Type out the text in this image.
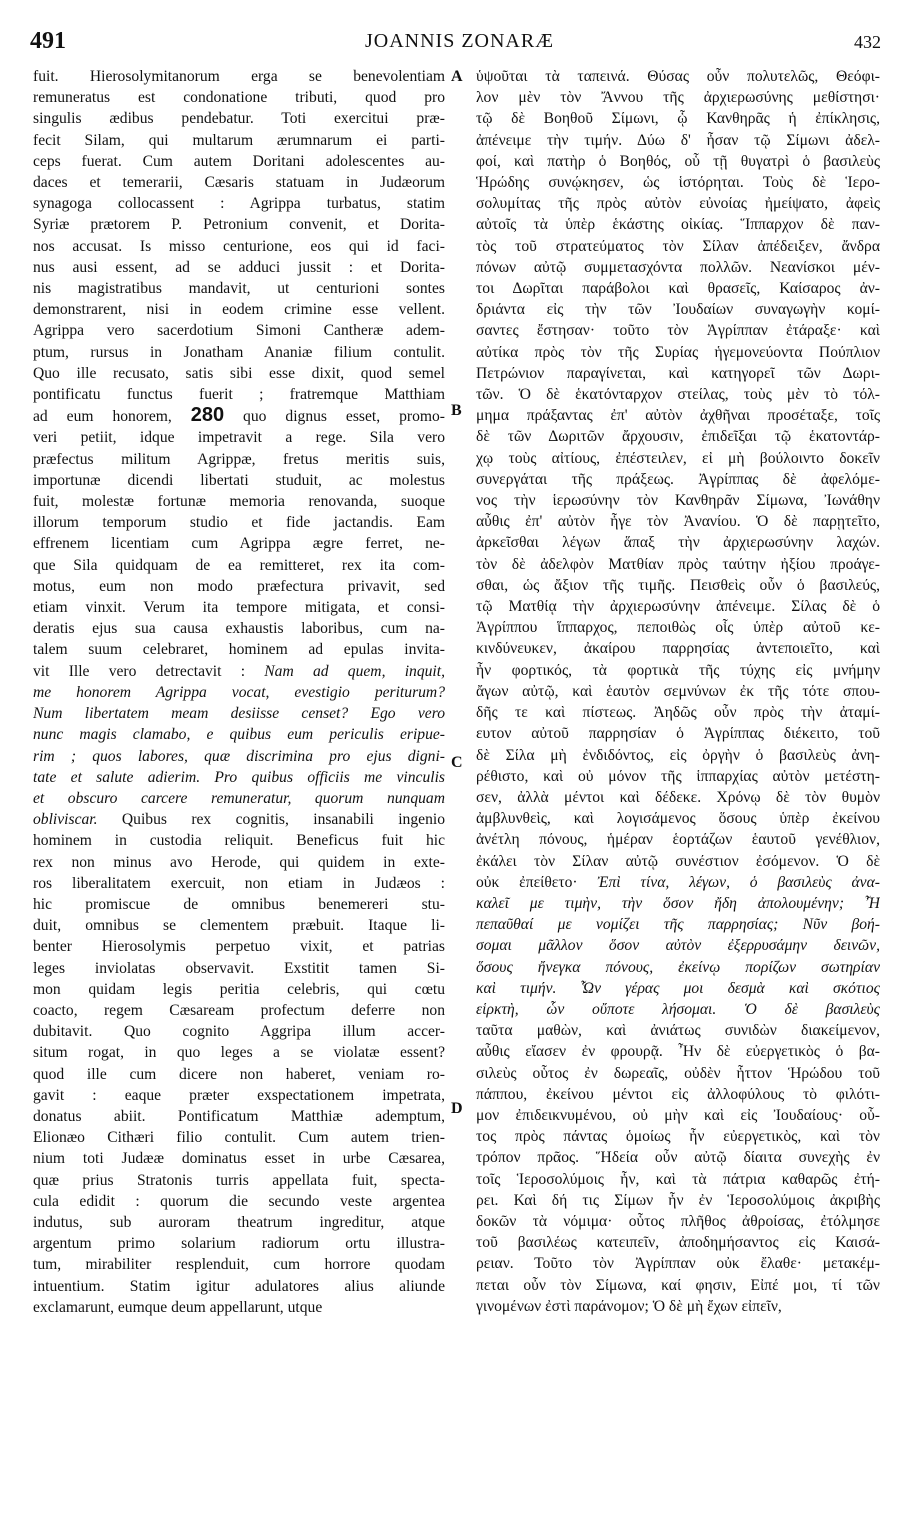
491	JOANNIS ZONARÆ	432
fuit. Hierosolymitanorum erga se benevolentiam
remuneratus est condonatione tributi, quod pro
singulis ædibus pendebatur. Toti exercitui præ-
fecit Silam, qui multarum ærumnarum ei parti-
ceps fuerat. Cum autem Doritani adolescentes au-
daces et temerarii, Cæsaris statuam in Judæorum
synagoga collocassent : Agrippa turbatus, statim
Syriæ prætorem P. Petronium convenit, et Dorita-
nos accusat. Is misso centurione, eos qui id faci-
nus ausi essent, ad se adduci jussit : et Dorita-
nis magistratibus mandavit, ut centurioni sontes
demonstrarent, nisi in eodem crimine esse vellent.
Agrippa vero sacerdotium Simoni Cantheræ adem-
ptum, rursus in Jonatham Ananiæ filium contulit.
Quo ille recusato, satis sibi esse dixit, quod semel
pontificatu functus fuerit ; fratremque Matthiam
ad eum honorem, 280 quo dignus esset, promo-
veri petiit, idque impetravit a rege. Sila vero
præfectus militum Agrippæ, fretus meritis suis,
importunæ dicendi libertati studuit, ac molestus
fuit, molestæ fortunæ memoria renovanda, suoque
illorum temporum studio et fide jactandis. Eam
effrenem licentiam cum Agrippa ægre ferret, ne-
que Sila quidquam de ea remitteret, rex ita com-
motus, eum non modo præfectura privavit, sed
etiam vinxit. Verum ita tempore mitigata, et consi-
deratis ejus sua causa exhaustis laboribus, cum na-
talem suum celebraret, hominem ad epulas invita-
vit Ille vero detrectavit : Nam ad quem, inquit,
me honorem Agrippa vocat, evestigio periturum?
Num libertatem meam desiisse censet? Ego vero
nunc magis clamabo, e quibus eum periculis eripue-
rim ; quos labores, quæ discrimina pro ejus digni-
tate et salute adierim. Pro quibus officiis me vinculis
et obscuro carcere remuneratur, quorum nunquam
obliviscar. Quibus rex cognitis, insanabili ingenio
hominem in custodia reliquit. Beneficus fuit hic
rex non minus avo Herode, qui quidem in exte-
ros liberalitatem exercuit, non etiam in Judæos :
hic promiscue de omnibus benemereri stu-
duit, omnibus se clementem præbuit. Itaque li-
benter Hierosolymis perpetuo vixit, et patrias
leges inviolatas observavit. Exstitit tamen Si-
mon quidam legis peritia celebris, qui cœtu
coacto, regem Cæsaream profectum deferre non
dubitavit. Quo cognito Aggripa illum accer-
situm rogat, in quo leges a se violatæ essent?
quod ille cum dicere non haberet, veniam ro-
gavit : eaque præter exspectationem impetrata,
donatus abiit. Pontificatum Matthiæ ademptum,
Elionæo Cithæri filio contulit. Cum autem trien-
nium toti Judææ dominatus esset in urbe Cæsarea,
quæ prius Stratonis turris appellata fuit, specta-
cula edidit : quorum die secundo veste argentea
indutus, sub auroram theatrum ingreditur, atque
argentum primo solarium radiorum ortu illustra-
tum, mirabiliter resplenduit, cum horrore quodam
intuentium. Statim igitur adulatores alius aliunde
exclamarunt, eumque deum appellarunt, utque
ὑψοῦται τὰ ταπεινά. Θύσας οὖν πολυτελῶς, Θεόφι-
λον μὲν τὸν Ἄννου τῆς ἀρχιερωσύνης μεθίστησι·
τῷ δὲ Βοηθοῦ Σίμωνι, ᾧ Κανθηρᾶς ἡ ἐπίκλησις,
ἀπένειμε τὴν τιμήν. Δύω δ' ἦσαν τῷ Σίμωνι ἀδελ-
φοί, καὶ πατὴρ ὁ Βοηθός, οὗ τῇ θυγατρὶ ὁ βασιλεὺς
Ἡρώδης συνῴκησεν, ὡς ἱστόρηται. Τοὺς δὲ Ἱερο-
σολυμίτας τῆς πρὸς αὐτὸν εὐνοίας ἠμείψατο, ἀφεὶς
αὐτοῖς τὰ ὑπὲρ ἑκάστης οἰκίας. Ἵππαρχον δὲ παν-
τὸς τοῦ στρατεύματος τὸν Σίλαν ἀπέδειξεν, ἄνδρα
πόνων αὐτῷ συμμετασχόντα πολλῶν. Νεανίσκοι μέν-
τοι Δωρῖται παράβολοι καὶ θρασεῖς, Καίσαρος ἀν-
δριάντα εἰς τὴν τῶν Ἰουδαίων συναγωγὴν κομί-
σαντες ἔστησαν· τοῦτο τὸν Ἀγρίππαν ἐτάραξε· καὶ
αὐτίκα πρὸς τὸν τῆς Συρίας ἡγεμονεύοντα Πούπλιον
Πετρώνιον παραγίνεται, καὶ κατηγορεῖ τῶν Δωρι-
τῶν. Ὁ δὲ ἑκατόνταρχον στείλας, τοὺς μὲν τὸ τόλ-
μημα πράξαντας ἐπ' αὐτὸν ἀχθῆναι προσέταξε, τοῖς
δὲ τῶν Δωριτῶν ἄρχουσιν, ἐπιδεῖξαι τῷ ἑκατοντάρ-
χῳ τοὺς αἰτίους, ἐπέστειλεν, εἰ μὴ βούλοιντο δοκεῖν
συνεργάται τῆς πράξεως. Ἀγρίππας δὲ ἀφελόμε-
νος τὴν ἱερωσύνην τὸν Κανθηρᾶν Σίμωνα, Ἰωνάθην
αὖθις ἐπ' αὐτὸν ἦγε τὸν Ἀνανίου. Ὁ δὲ παρῃτεῖτο,
ἀρκεῖσθαι λέγων ἅπαξ τὴν ἀρχιερωσύνην λαχών.
τὸν δὲ ἀδελφὸν Ματθίαν πρὸς ταύτην ἠξίου προάγε-
σθαι, ὡς ἄξιον τῆς τιμῆς. Πεισθεὶς οὖν ὁ βασιλεύς,
τῷ Ματθίᾳ τὴν ἀρχιερωσύνην ἀπένειμε. Σίλας δὲ ὁ
Ἀγρίππου ἵππαρχος, πεποιθὼς οἷς ὑπὲρ αὐτοῦ κε-
κινδύνευκεν, ἀκαίρου παρρησίας ἀντεποιεῖτο, καὶ
ἦν φορτικός, τὰ φορτικὰ τῆς τύχης εἰς μνήμην
ἄγων αὐτῷ, καὶ ἑαυτὸν σεμνύνων ἐκ τῆς τότε σπου-
δῆς τε καὶ πίστεως. Ἀηδῶς οὖν πρὸς τὴν ἀταμί-
ευτον αὐτοῦ παρρησίαν ὁ Ἀγρίππας διέκειτο, τοῦ
δὲ Σίλα μὴ ἐνδιδόντος, εἰς ὀργὴν ὁ βασιλεὺς ἀνη-
ρέθιστο, καὶ οὐ μόνον τῆς ἱππαρχίας αὐτὸν μετέστη-
σεν, ἀλλὰ μέντοι καὶ δέδεκε. Χρόνῳ δὲ τὸν θυμὸν
ἀμβλυνθεὶς, καὶ λογισάμενος ὅσους ὑπὲρ ἐκείνου
ἀνέτλη πόνους, ἡμέραν ἑορτάζων ἑαυτοῦ γενέθλιον,
ἐκάλει τὸν Σίλαν αὐτῷ συνέστιον ἐσόμενον. Ὁ δὲ
οὐκ ἐπείθετο· Ἐπὶ τίνα, λέγων, ὁ βασιλεὺς ἀνα-
καλεῖ με τιμὴν, τὴν ὅσον ἤδη ἀπολουμένην; Ἦ
πεπαῦθαί με νομίζει τῆς παρρησίας; Νῦν βοή-
σομαι μᾶλλον ὅσον αὐτὸν ἐξερρυσάμην δεινῶν,
ὅσους ἤνεγκα πόνους, ἐκείνῳ πορίζων σωτηρίαν
καὶ τιμήν. Ὧν γέρας μοι δεσμὰ καὶ σκότιος
εἱρκτὴ, ὧν οὔποτε λήσομαι. Ὁ δὲ βασιλεὺς
ταῦτα μαθὼν, καὶ ἀνιάτως συνιδὼν διακείμενον,
αὖθις εἴασεν ἐν φρουρᾷ. Ἦν δὲ εὐεργετικὸς ὁ βα-
σιλεὺς οὗτος ἐν δωρεαῖς, οὐδὲν ἧττον Ἡρώδου τοῦ
πάππου, ἐκείνου μέντοι εἰς ἀλλοφύλους τὸ φιλότι-
μον ἐπιδεικνυμένου, οὐ μὴν καὶ εἰς Ἰουδαίους· οὗ-
τος πρὸς πάντας ὁμοίως ἦν εὐεργετικὸς, καὶ τὸν
τρόπον πρᾶος. Ἥδεία οὖν αὐτῷ δίαιτα συνεχὴς ἐν
τοῖς Ἱεροσολύμοις ἦν, καὶ τὰ πάτρια καθαρῶς ἐτή-
ρει. Καὶ δή τις Σίμων ἦν ἐν Ἱεροσολύμοις ἀκριβὴς
δοκῶν τὰ νόμιμα· οὗτος πλῆθος ἀθροίσας, ἐτόλμησε
τοῦ βασιλέως κατειπεῖν, ἀποδημήσαντος εἰς Καισά-
ρειαν. Τοῦτο τὸν Ἀγρίππαν οὐκ ἔλαθε· μετακέμ-
πεται οὖν τὸν Σίμωνα, καί φησιν, Εἰπέ μοι, τί τῶν
γινομένων ἐστὶ παράνομον; Ὁ δὲ μὴ ἔχων εἰπεῖν,
A
B
C
D
